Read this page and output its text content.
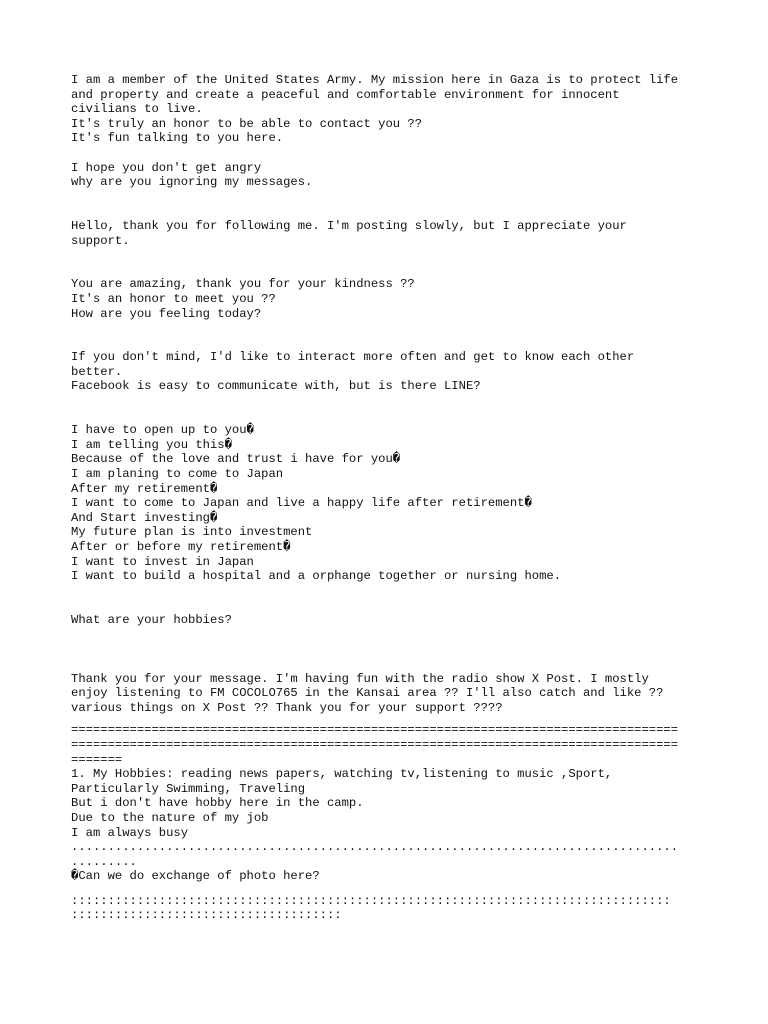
I am a member of the United States Army. My mission here in Gaza is to protect life
and property and create a peaceful and comfortable environment for innocent
civilians to live.
It's truly an honor to be able to contact you ??
It's fun talking to you here.
I hope you don't get angry
why are you ignoring my messages.
Hello, thank you for following me. I'm posting slowly, but I appreciate your
support.
You are amazing, thank you for your kindness ??
It's an honor to meet you ??
How are you feeling today?
If you don't mind, I'd like to interact more often and get to know each other
better.
Facebook is easy to communicate with, but is there LINE?
I have to open up to you�
I am telling you this�
Because of the love and trust i have for you�
I am planing to come to Japan
After my retirement�
I want to come to Japan and live a happy life after retirement�
And Start investing�
My future plan is into investment
After or before my retirement�
I want to invest in Japan
I want to build a hospital and a orphange together or nursing home.
What are your hobbies?
Thank you for your message. I'm having fun with the radio show X Post. I mostly
enjoy listening to FM COCOLO765 in the Kansai area ?? I'll also catch and like ??
various things on X Post ?? Thank you for your support ????
===================================================================================
===================================================================================
=======
1. My Hobbies: reading news papers, watching tv,listening to music ,Sport,
Particularly Swimming, Traveling
But i don't have hobby here in the camp.
Due to the nature of my job
I am always busy
...................................................................................
.........
�Can we do exchange of photo here?
::::::::::::::::::::::::::::::::::::::::::::::::::::::::::::::::::::::::::::::::::
:::::::::::::::::::::::::::::::::::::
